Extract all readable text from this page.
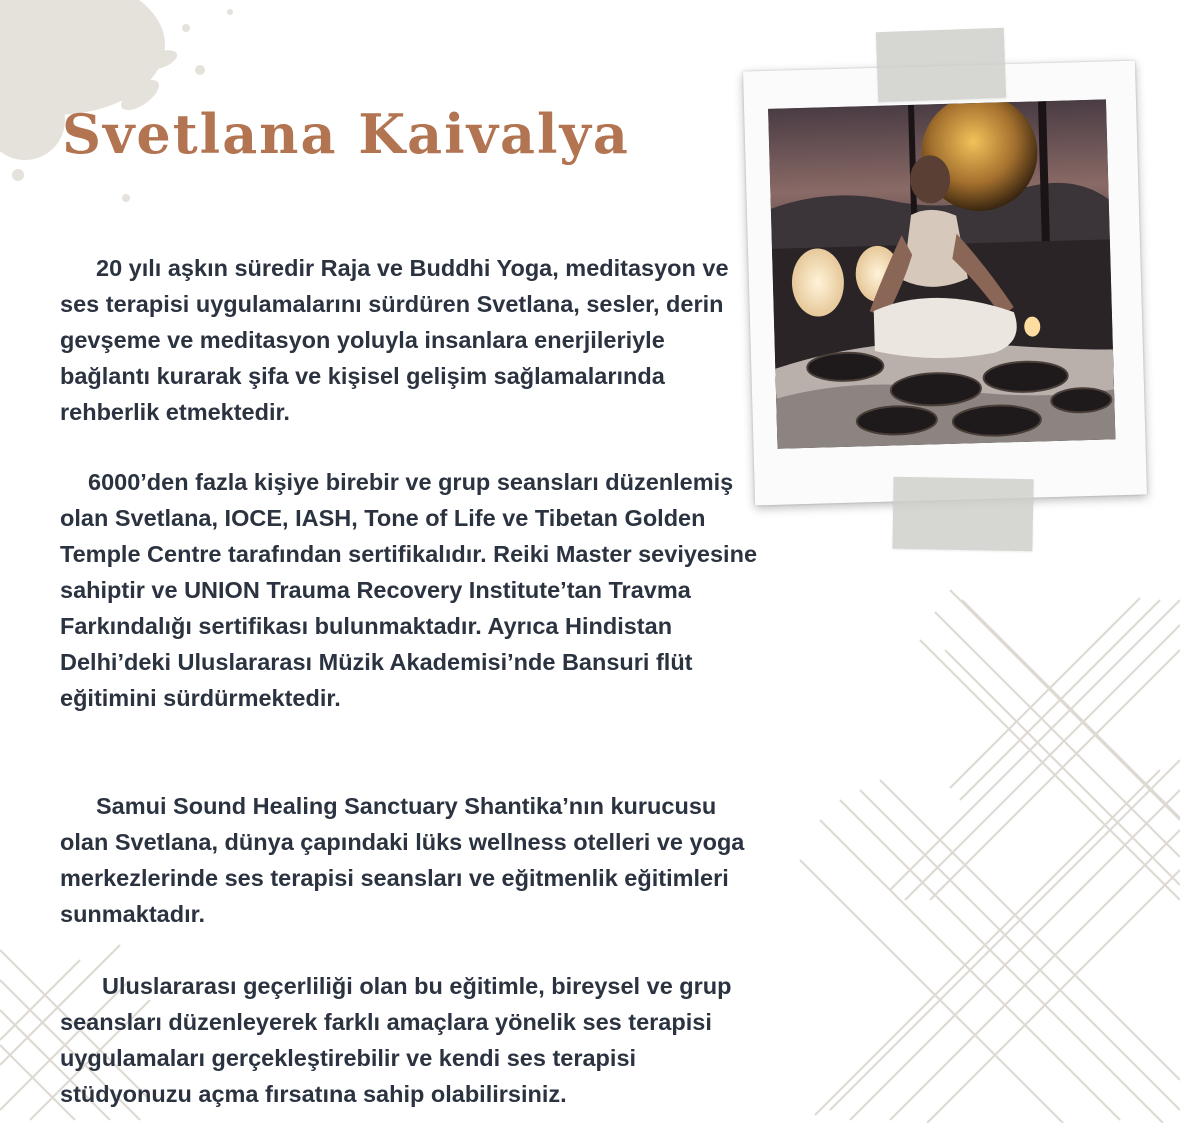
Svetlana Kaivalya

20 yılı aşkın süredir Raja ve Buddhi Yoga, meditasyon ve ses terapisi uygulamalarını sürdüren Svetlana, sesler, derin gevşeme ve meditasyon yoluyla insanlara enerjileriyle bağlantı kurarak şifa ve kişisel gelişim sağlamalarında rehberlik etmektedir.

6000’den fazla kişiye birebir ve grup seansları düzenlemiş olan Svetlana, IOCE, IASH, Tone of Life ve Tibetan Golden Temple Centre tarafından sertifikalıdır. Reiki Master seviyesine sahiptir ve UNION Trauma Recovery Institute’tan Travma Farkındalığı sertifikası bulunmaktadır. Ayrıca Hindistan Delhi’deki Uluslararası Müzik Akademisi’nde Bansuri flüt eğitimini sürdürmektedir.

Samui Sound Healing Sanctuary Shantika’nın kurucusu olan Svetlana, dünya çapındaki lüks wellness otelleri ve yoga merkezlerinde ses terapisi seansları ve eğitmenlik eğitimleri sunmaktadır.

Uluslararası geçerliliği olan bu eğitimle, bireysel ve grup seansları düzenleyerek farklı amaçlara yönelik ses terapisi uygulamaları gerçekleştirebilir ve kendi ses terapisi stüdyonuzu açma fırsatına sahip olabilirsiniz.
